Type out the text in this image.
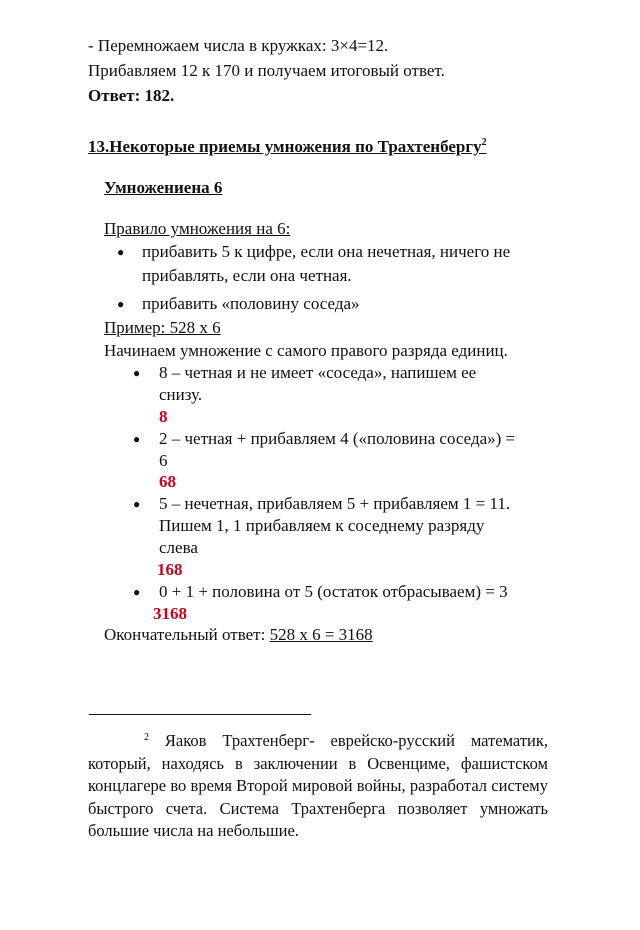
- Перемножаем числа в кружках: 3×4=12.
Прибавляем 12 к 170 и получаем итоговый ответ.
Ответ: 182.
13.Некоторые приемы умножения по Трахтенбергу$^2$
Умножениена 6
Правило умножения на 6:
● прибавить 5 к цифре, если она нечетная, ничего не
прибавлять, если она четная.
● прибавить «половину соседа»
Пример: 528 х 6
Начинаем умножение с самого правого разряда единиц.
● 8 – четная и не имеет «соседа», напишем ее
снизу.
8
● 2 – четная + прибавляем 4 («половина соседа») =
6
68
● 5 – нечетная, прибавляем 5 + прибавляем 1 = 11.
Пишем 1, 1 прибавляем к соседнему разряду
слева
168
● 0 + 1 + половина от 5 (остаток отбрасываем) = 3
3168
Окончательный ответ: 528 х 6 = 3168
$^2$ Яаков Трахтенберг- еврейско-русский математик, который, находясь в заключении в Освенциме, фашистском концлагере во время Второй мировой войны, разработал систему быстрого счета. Система Трахтенберга позволяет умножать большие числа на небольшие.
